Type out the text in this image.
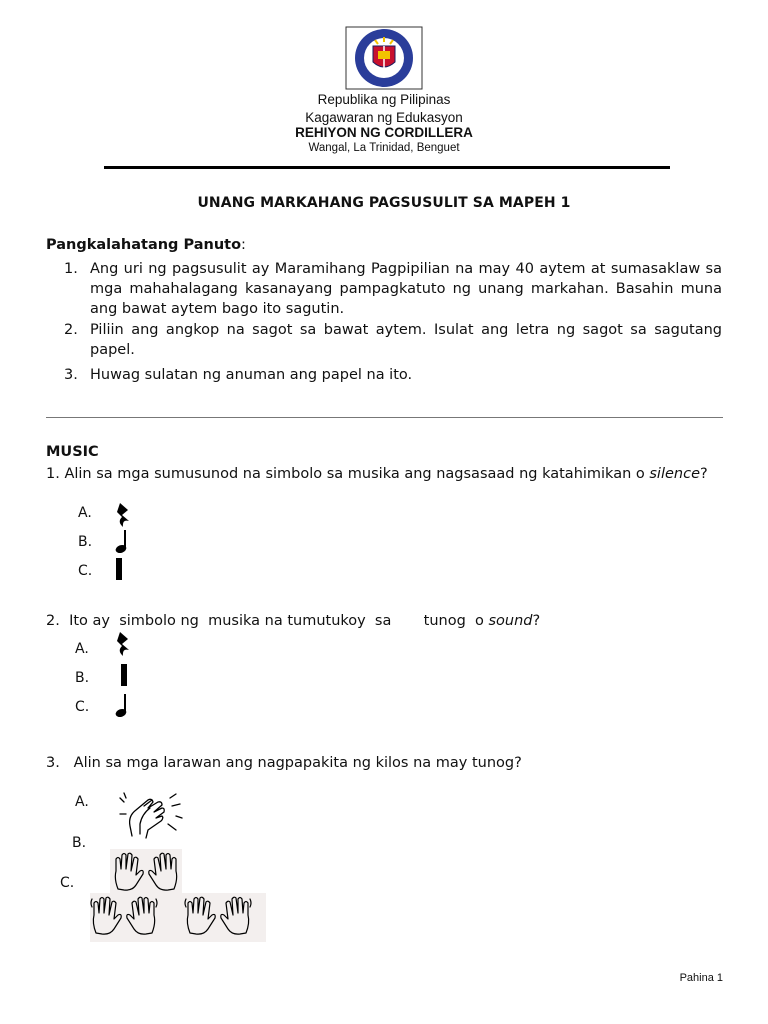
Republika ng Pilipinas
Kagawaran ng Edukasyon
REHIYON NG CORDILLERA
Wangal, La Trinidad, Benguet
UNANG MARKAHANG PAGSUSULIT SA MAPEH 1
Pangkalahatang Panuto:
1. Ang uri ng pagsusulit ay Maramihang Pagpipilian na may 40 aytem at sumasaklaw sa mga mahahalagang kasanayang pampagkatuto ng unang markahan. Basahin muna ang bawat aytem bago ito sagutin.
2. Piliin ang angkop na sagot sa bawat aytem. Isulat ang letra ng sagot sa sagutang papel.
3. Huwag sulatan ng anuman ang papel na ito.
MUSIC
1. Alin sa mga sumusunod na simbolo sa musika ang nagsasaad ng katahimikan o silence?
A.
B.
C.
2. Ito ay  simbolo ng  musika na tumutukoy  sa       tunog  o sound?
A.
B.
C.
3. Alin sa mga larawan ang nagpapakita ng kilos na may tunog?
A.
B.
C.
Pahina 1
